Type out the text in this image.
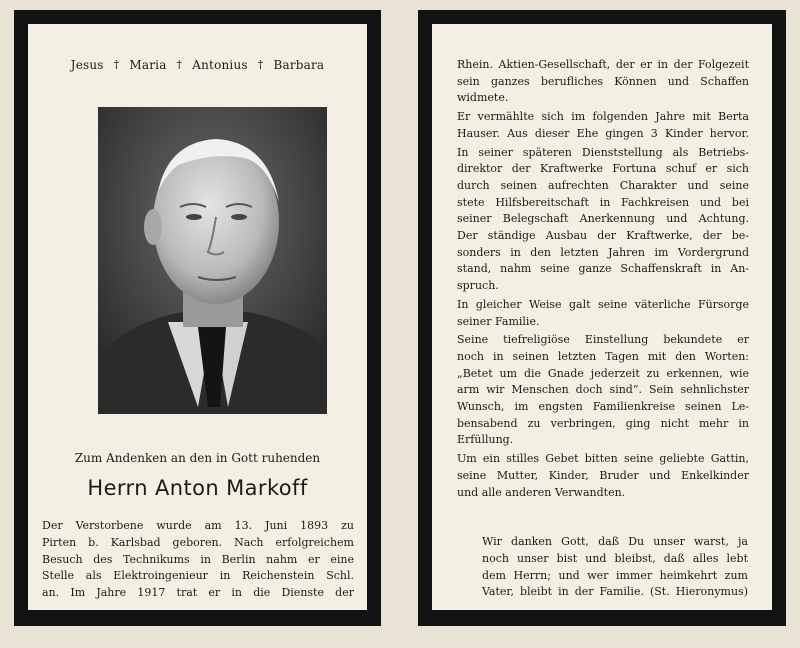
Jesus † Maria † Antonius † Barbara
Zum Andenken an den in Gott ruhenden
Herrn Anton Markoff
Der Verstorbene wurde am 13. Juni 1893 zu
Pirten b. Karlsbad geboren. Nach erfolgreichem
Besuch des Technikums in Berlin nahm er eine
Stelle als Elektroingenieur in Reichenstein Schl.
an. Im Jahre 1917 trat er in die Dienste der
Rhein. Aktien-Gesellschaft, der er in der Folgezeit
sein ganzes berufliches Können und Schaffen
widmete.
Er vermählte sich im folgenden Jahre mit Berta
Hauser. Aus dieser Ehe gingen 3 Kinder hervor.
In seiner späteren Dienststellung als Betriebs-
direktor der Kraftwerke Fortuna schuf er sich
durch seinen aufrechten Charakter und seine
stete Hilfsbereitschaft in Fachkreisen und bei
seiner Belegschaft Anerkennung und Achtung.
Der ständige Ausbau der Kraftwerke, der be-
sonders in den letzten Jahren im Vordergrund
stand, nahm seine ganze Schaffenskraft in An-
spruch.
In gleicher Weise galt seine väterliche Fürsorge
seiner Familie.
Seine tiefreligiöse Einstellung bekundete er
noch in seinen letzten Tagen mit den Worten:
„Betet um die Gnade jederzeit zu erkennen, wie
arm wir Menschen doch sind“. Sein sehnlichster
Wunsch, im engsten Familienkreise seinen Le-
bensabend zu verbringen, ging nicht mehr in
Erfüllung.
Um ein stilles Gebet bitten seine geliebte Gattin,
seine Mutter, Kinder, Bruder und Enkelkinder
und alle anderen Verwandten.
Wir danken Gott, daß Du unser warst, ja
noch unser bist und bleibst, daß alles lebt
dem Herrn; und wer immer heimkehrt zum
Vater, bleibt in der Familie. (St. Hieronymus)
